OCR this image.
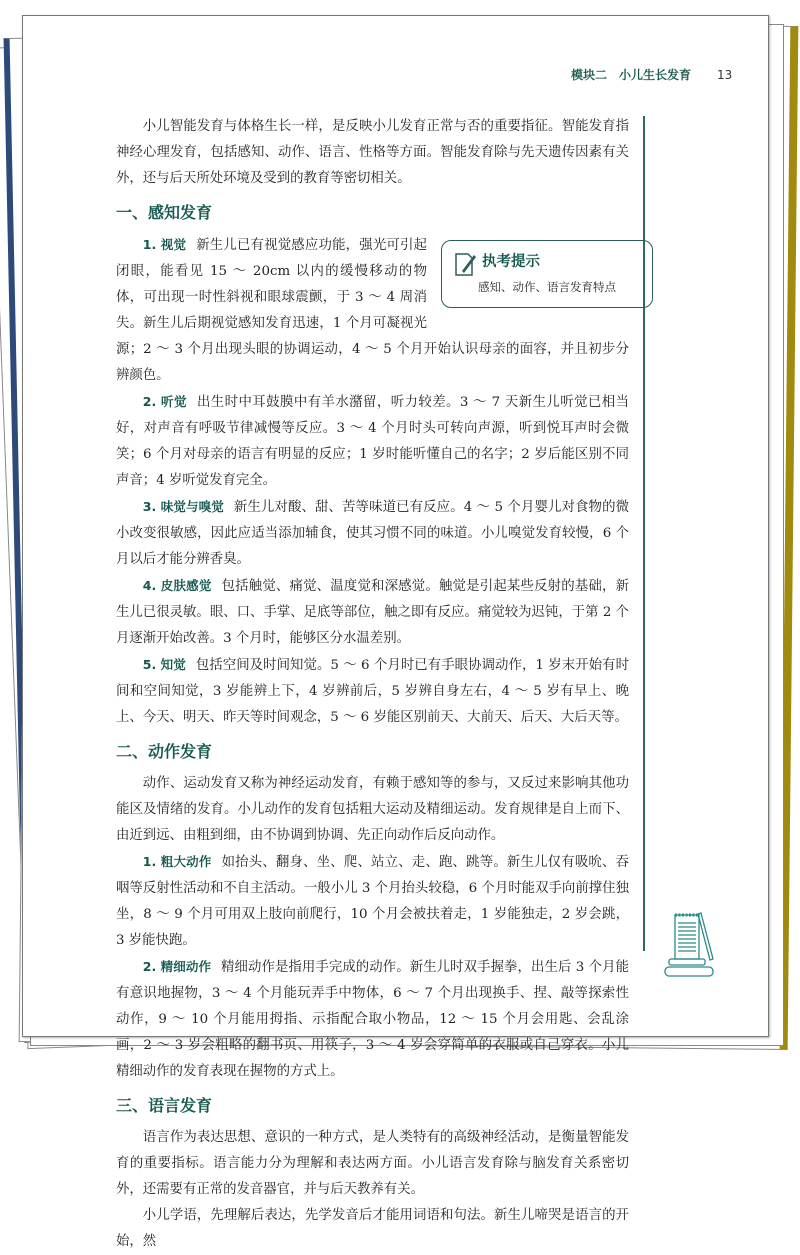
模块二　小儿生长发育 13

小儿智能发育与体格生长一样，是反映小儿发育正常与否的重要指征。智能发育指神经心理发育，包括感知、动作、语言、性格等方面。智能发育除与先天遗传因素有关外，还与后天所处环境及受到的教育等密切相关。

一、感知发育
执考提示
感知、动作、语言发育特点

1. 视觉 新生儿已有视觉感应功能，强光可引起闭眼，能看见 15 ～ 20cm 以内的缓慢移动的物体，可出现一时性斜视和眼球震颤，于 3 ～ 4 周消失。新生儿后期视觉感知发育迅速，1 个月可凝视光源；2 ～ 3 个月出现头眼的协调运动，4 ～ 5 个月开始认识母亲的面容，并且初步分辨颜色。

2. 听觉 出生时中耳鼓膜中有羊水潴留，听力较差。3 ～ 7 天新生儿听觉已相当好，对声音有呼吸节律减慢等反应。3 ～ 4 个月时头可转向声源，听到悦耳声时会微笑；6 个月对母亲的语言有明显的反应；1 岁时能听懂自己的名字；2 岁后能区别不同声音；4 岁听觉发育完全。

3. 味觉与嗅觉 新生儿对酸、甜、苦等味道已有反应。4 ～ 5 个月婴儿对食物的微小改变很敏感，因此应适当添加辅食，使其习惯不同的味道。小儿嗅觉发育较慢，6 个月以后才能分辨香臭。

4. 皮肤感觉 包括触觉、痛觉、温度觉和深感觉。触觉是引起某些反射的基础，新生儿已很灵敏。眼、口、手掌、足底等部位，触之即有反应。痛觉较为迟钝，于第 2 个月逐渐开始改善。3 个月时，能够区分水温差别。

5. 知觉 包括空间及时间知觉。5 ～ 6 个月时已有手眼协调动作，1 岁末开始有时间和空间知觉，3 岁能辨上下，4 岁辨前后，5 岁辨自身左右，4 ～ 5 岁有早上、晚上、今天、明天、昨天等时间观念，5 ～ 6 岁能区别前天、大前天、后天、大后天等。

二、动作发育

动作、运动发育又称为神经运动发育，有赖于感知等的参与，又反过来影响其他功能区及情绪的发育。小儿动作的发育包括粗大运动及精细运动。发育规律是自上而下、由近到远、由粗到细，由不协调到协调、先正向动作后反向动作。

1. 粗大动作 如抬头、翻身、坐、爬、站立、走、跑、跳等。新生儿仅有吸吮、吞咽等反射性活动和不自主活动。一般小儿 3 个月抬头较稳，6 个月时能双手向前撑住独坐，8 ～ 9 个月可用双上肢向前爬行，10 个月会被扶着走，1 岁能独走，2 岁会跳，3 岁能快跑。

2. 精细动作 精细动作是指用手完成的动作。新生儿时双手握拳，出生后 3 个月能有意识地握物，3 ～ 4 个月能玩弄手中物体，6 ～ 7 个月出现换手、捏、敲等探索性动作，9 ～ 10 个月能用拇指、示指配合取小物品，12 ～ 15 个月会用匙、会乱涂画，2 ～ 3 岁会粗略的翻书页、用筷子，3 ～ 4 岁会穿简单的衣服或自己穿衣。小儿精细动作的发育表现在握物的方式上。

三、语言发育

语言作为表达思想、意识的一种方式，是人类特有的高级神经活动，是衡量智能发育的重要指标。语言能力分为理解和表达两方面。小儿语言发育除与脑发育关系密切外，还需要有正常的发音器官，并与后天教养有关。

小儿学语，先理解后表达，先学发音后才能用词语和句法。新生儿啼哭是语言的开始，然
